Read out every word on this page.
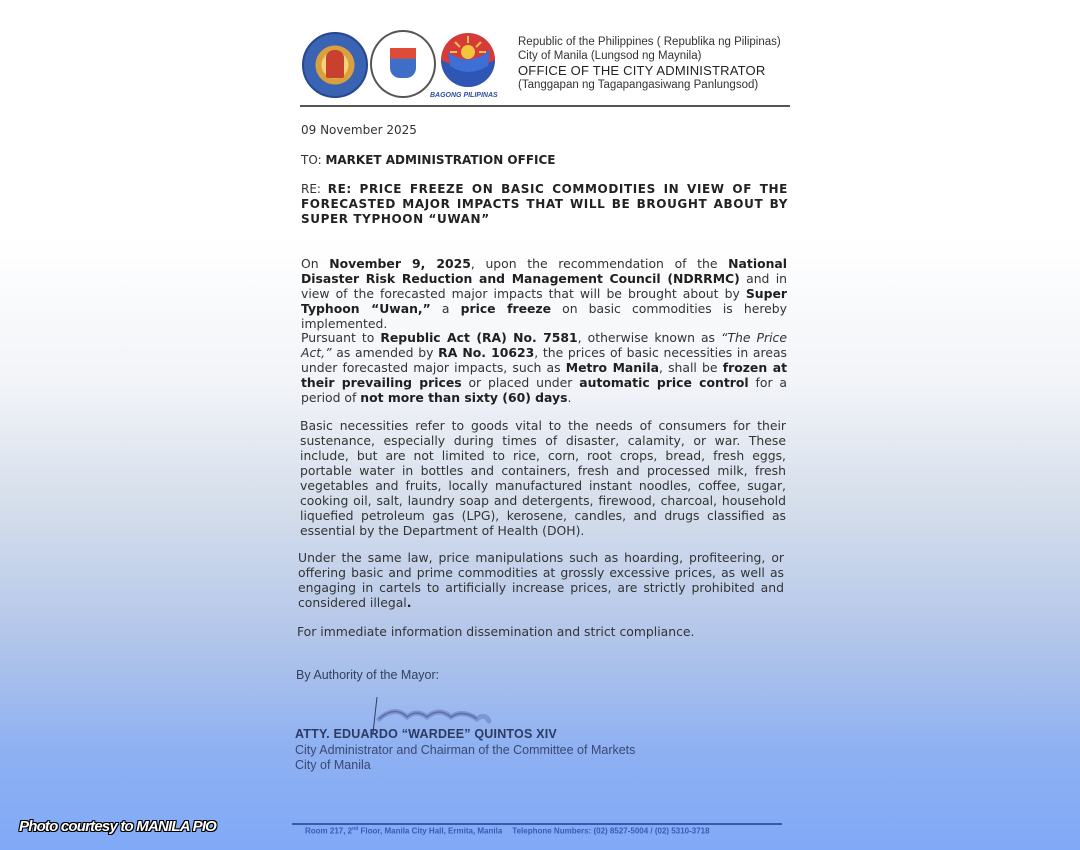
BAGONG PILIPINAS
Republic of the Philippines ( Republika ng Pilipinas)
City of Manila (Lungsod ng Maynila)
OFFICE OF THE CITY ADMINISTRATOR
(Tanggapan ng Tagapangasiwang Panlungsod)
09 November 2025
TO: MARKET ADMINISTRATION OFFICE
RE: RE: PRICE FREEZE ON BASIC COMMODITIES IN VIEW OF THE FORECASTED MAJOR IMPACTS THAT WILL BE BROUGHT ABOUT BY SUPER TYPHOON “UWAN”
On November 9, 2025, upon the recommendation of the National Disaster Risk Reduction and Management Council (NDRRMC) and in view of the forecasted major impacts that will be brought about by Super Typhoon “Uwan,” a price freeze on basic commodities is hereby implemented.
Pursuant to Republic Act (RA) No. 7581, otherwise known as “The Price Act,” as amended by RA No. 10623, the prices of basic necessities in areas under forecasted major impacts, such as Metro Manila, shall be frozen at their prevailing prices or placed under automatic price control for a period of not more than sixty (60) days.
Basic necessities refer to goods vital to the needs of consumers for their sustenance, especially during times of disaster, calamity, or war. These include, but are not limited to rice, corn, root crops, bread, fresh eggs, portable water in bottles and containers, fresh and processed milk, fresh vegetables and fruits, locally manufactured instant noodles, coffee, sugar, cooking oil, salt, laundry soap and detergents, firewood, charcoal, household liquefied petroleum gas (LPG), kerosene, candles, and drugs classified as essential by the Department of Health (DOH).
Under the same law, price manipulations such as hoarding, profiteering, or offering basic and prime commodities at grossly excessive prices, as well as engaging in cartels to artificially increase prices, are strictly prohibited and considered illegal.
For immediate information dissemination and strict compliance.
By Authority of the Mayor:
ATTY. EDUARDO “WARDEE” QUINTOS XIV
City Administrator and Chairman of the Committee of Markets
City of Manila
Room 217, 2nd Floor, Manila City Hall, Ermita, Manila Telephone Numbers: (02) 8527-5004 / (02) 5310-3718
Photo courtesy to MANILA PIO
